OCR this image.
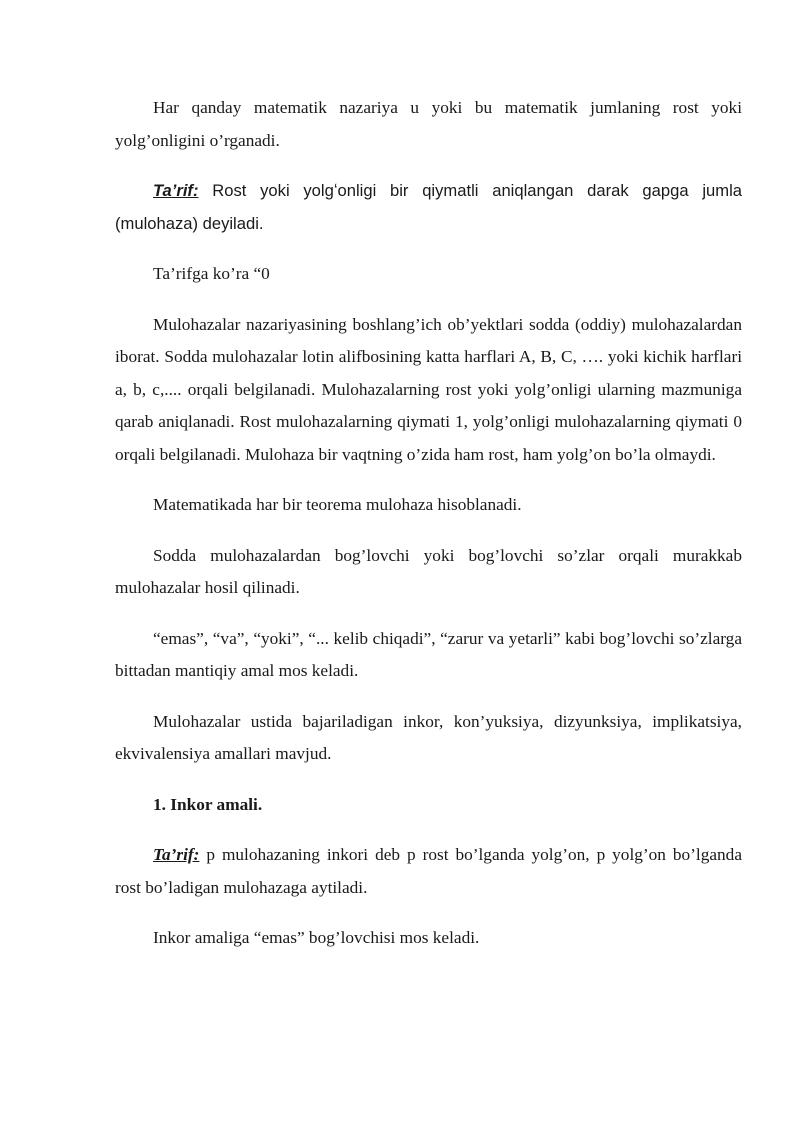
Har qanday matematik nazariya u yoki bu matematik jumlaning rost yoki yolg’onligini o’rganadi.

Ta’rif: Rost yoki yolgʻonligi bir qiymatli aniqlangan darak gapga jumla (mulohaza) deyiladi.

Ta’rifga ko’ra “0

Mulohazalar nazariyasining boshlang’ich ob’yektlari sodda (oddiy) mulohazalardan iborat. Sodda mulohazalar lotin alifbosining katta harflari A, B, C, …. yoki kichik harflari a, b, c,.... orqali belgilanadi. Mulohazalarning rost yoki yolg’onligi ularning mazmuniga qarab aniqlanadi. Rost mulohazalarning qiymati 1, yolg’onligi mulohazalarning qiymati 0 orqali belgilanadi. Mulohaza bir vaqtning o’zida ham rost, ham yolg’on bo’la olmaydi.

Matematikada har bir teorema mulohaza hisoblanadi.

Sodda mulohazalardan bog’lovchi yoki bog’lovchi so’zlar orqali murakkab mulohazalar hosil qilinadi.

“emas”, “va”, “yoki”, “... kelib chiqadi”, “zarur va yetarli” kabi bog’lovchi so’zlarga bittadan mantiqiy amal mos keladi.

Mulohazalar ustida bajariladigan inkor, kon’yuksiya, dizyunksiya, implikatsiya, ekvivalensiya amallari mavjud.

1. Inkor amali.

Ta’rif: p mulohazaning inkori deb p rost bo’lganda yolg’on, p yolg’on bo’lganda rost bo’ladigan mulohazaga aytiladi.

Inkor amaliga “emas” bog’lovchisi mos keladi.
